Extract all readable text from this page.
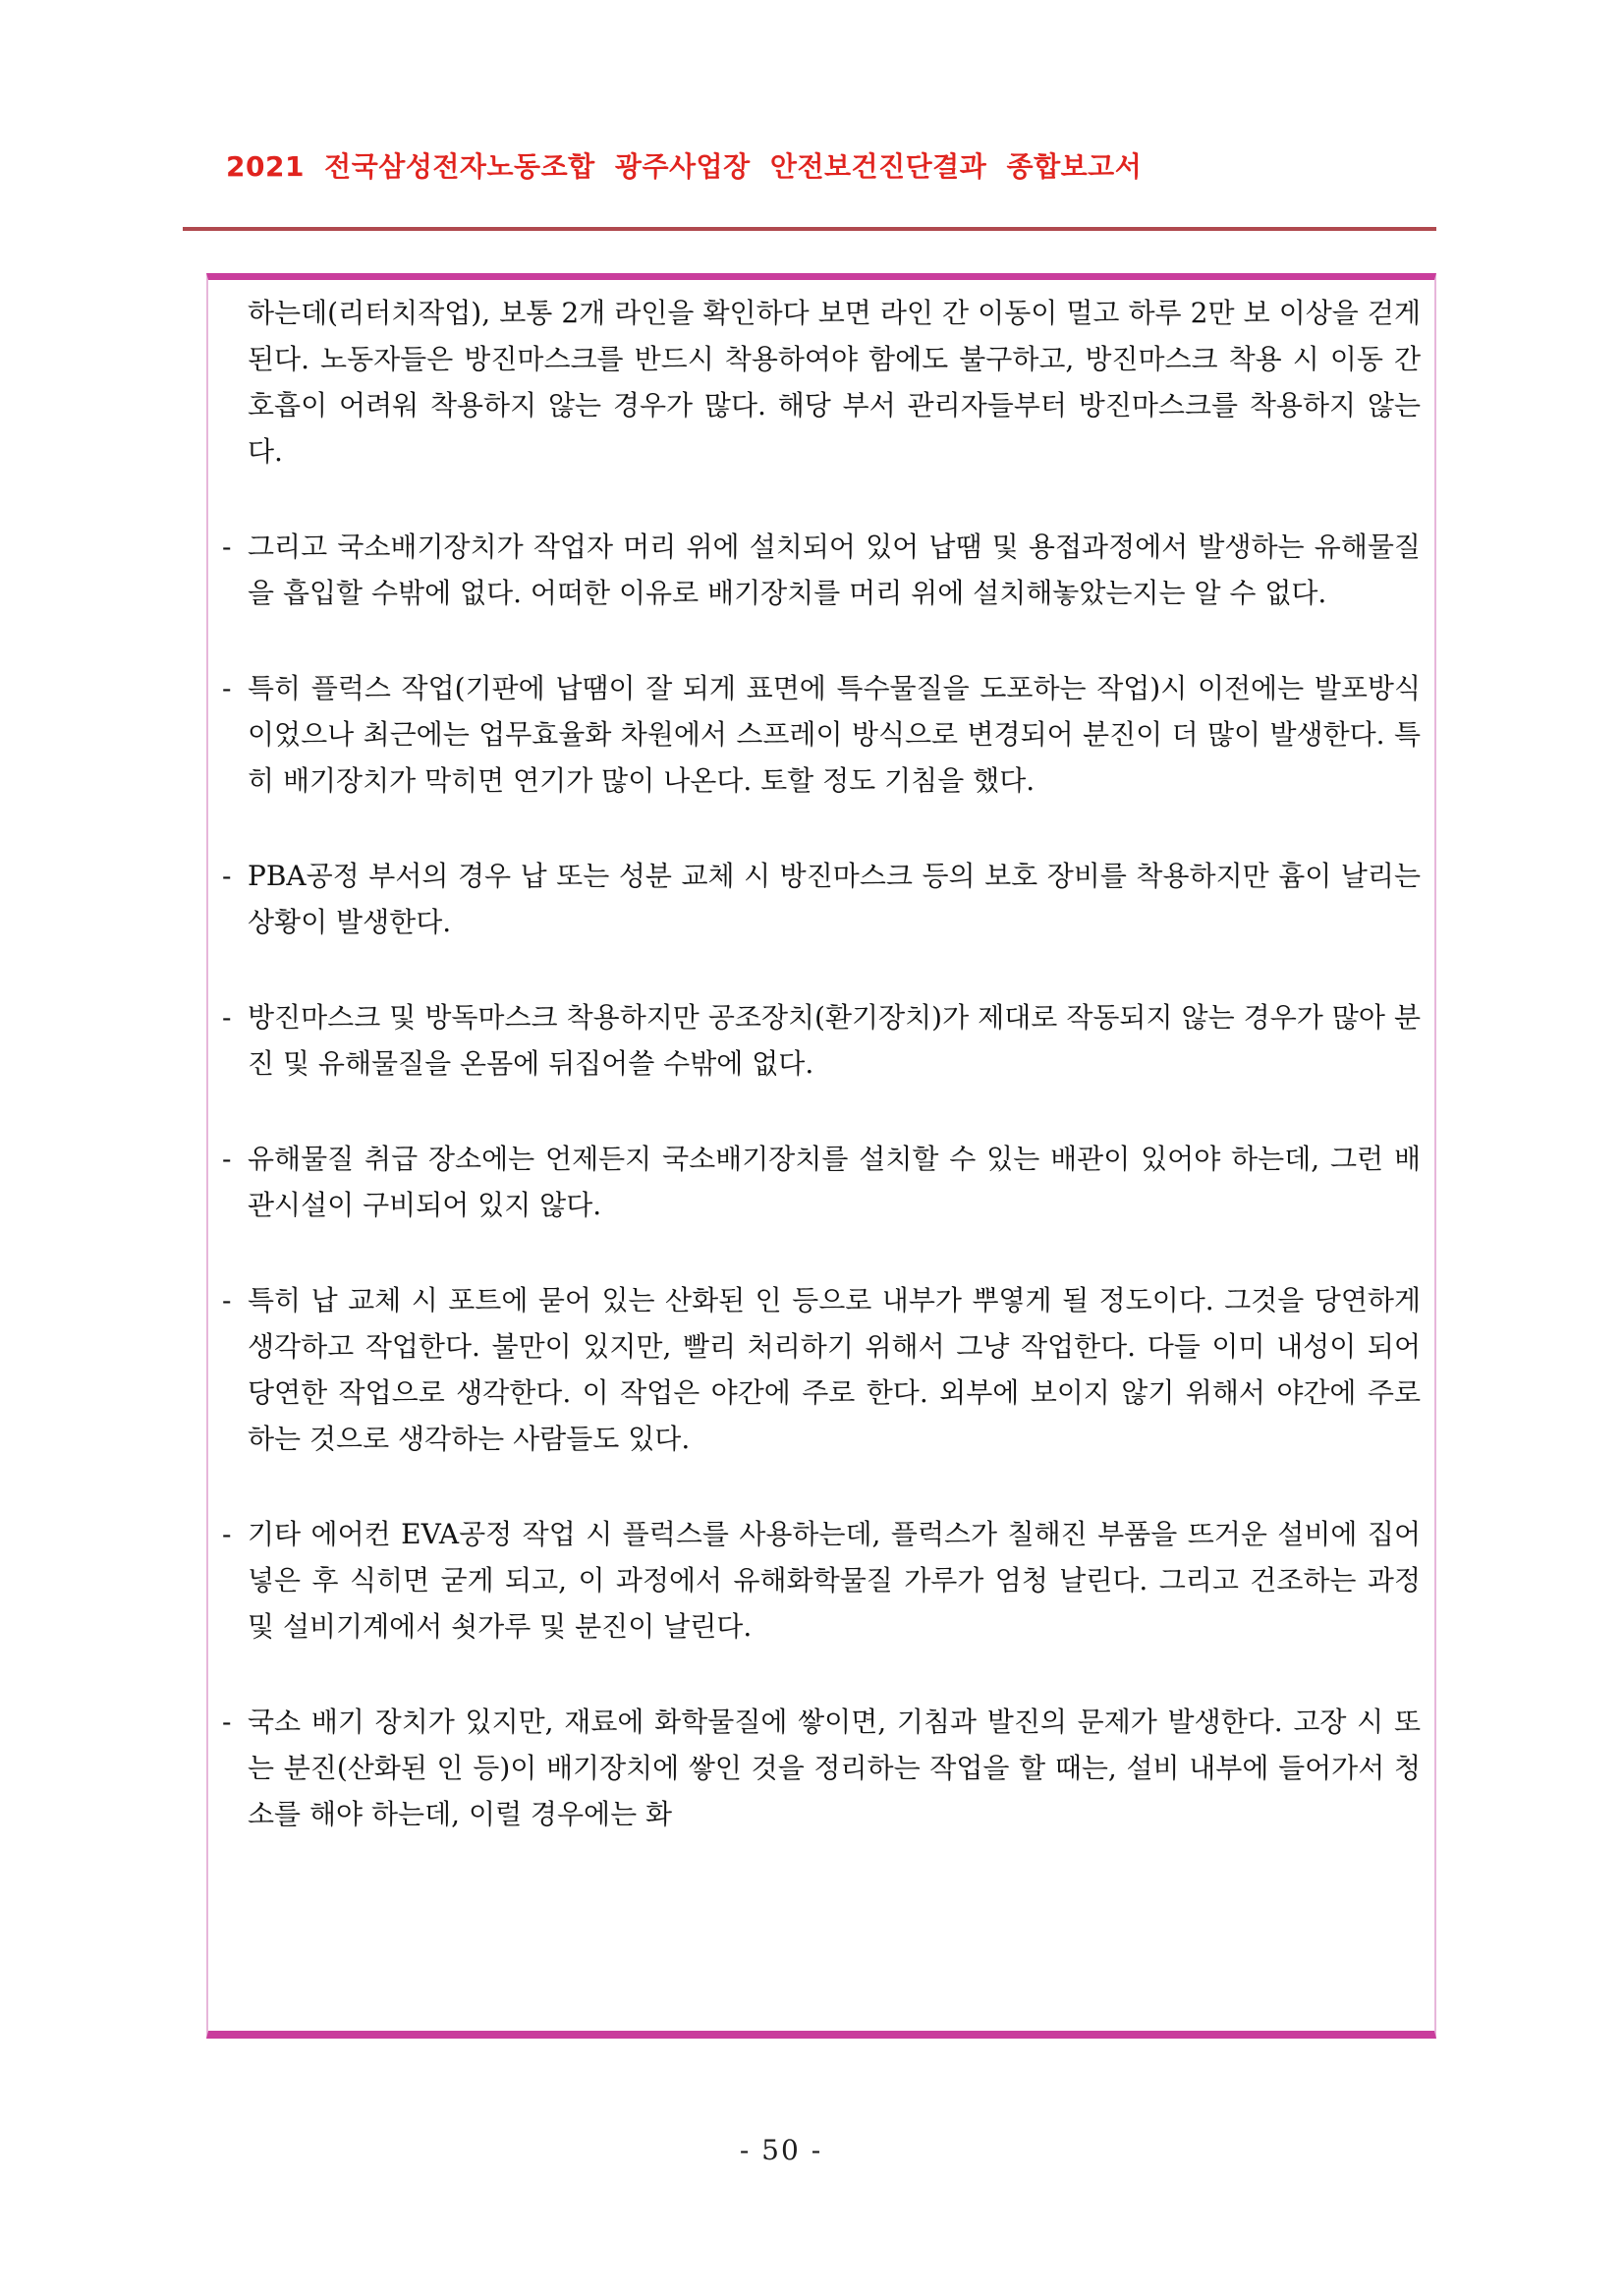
2021 전국삼성전자노동조합 광주사업장 안전보건진단결과 종합보고서

하는데(리터치작업), 보통 2개 라인을 확인하다 보면 라인 간 이동이 멀고 하루 2만 보 이상을 걷게 된다. 노동자들은 방진마스크를 반드시 착용하여야 함에도 불구하고, 방진마스크 착용 시 이동 간 호흡이 어려워 착용하지 않는 경우가 많다. 해당 부서 관리자들부터 방진마스크를 착용하지 않는다.

- 그리고 국소배기장치가 작업자 머리 위에 설치되어 있어 납땜 및 용접과정에서 발생하는 유해물질을 흡입할 수밖에 없다. 어떠한 이유로 배기장치를 머리 위에 설치해놓았는지는 알 수 없다.
- 특히 플럭스 작업(기판에 납땜이 잘 되게 표면에 특수물질을 도포하는 작업)시 이전에는 발포방식이었으나 최근에는 업무효율화 차원에서 스프레이 방식으로 변경되어 분진이 더 많이 발생한다. 특히 배기장치가 막히면 연기가 많이 나온다. 토할 정도 기침을 했다.
- PBA공정 부서의 경우 납 또는 성분 교체 시 방진마스크 등의 보호 장비를 착용하지만 흄이 날리는 상황이 발생한다.
- 방진마스크 및 방독마스크 착용하지만 공조장치(환기장치)가 제대로 작동되지 않는 경우가 많아 분진 및 유해물질을 온몸에 뒤집어쓸 수밖에 없다.
- 유해물질 취급 장소에는 언제든지 국소배기장치를 설치할 수 있는 배관이 있어야 하는데, 그런 배관시설이 구비되어 있지 않다.
- 특히 납 교체 시 포트에 묻어 있는 산화된 인 등으로 내부가 뿌옇게 될 정도이다. 그것을 당연하게 생각하고 작업한다. 불만이 있지만, 빨리 처리하기 위해서 그냥 작업한다. 다들 이미 내성이 되어 당연한 작업으로 생각한다. 이 작업은 야간에 주로 한다. 외부에 보이지 않기 위해서 야간에 주로 하는 것으로 생각하는 사람들도 있다.
- 기타 에어컨 EVA공정 작업 시 플럭스를 사용하는데, 플럭스가 칠해진 부품을 뜨거운 설비에 집어넣은 후 식히면 굳게 되고, 이 과정에서 유해화학물질 가루가 엄청 날린다. 그리고 건조하는 과정 및 설비기계에서 쇳가루 및 분진이 날린다.
- 국소 배기 장치가 있지만, 재료에 화학물질에 쌓이면, 기침과 발진의 문제가 발생한다. 고장 시 또는 분진(산화된 인 등)이 배기장치에 쌓인 것을 정리하는 작업을 할 때는, 설비 내부에 들어가서 청소를 해야 하는데, 이럴 경우에는 화
- 50 -
